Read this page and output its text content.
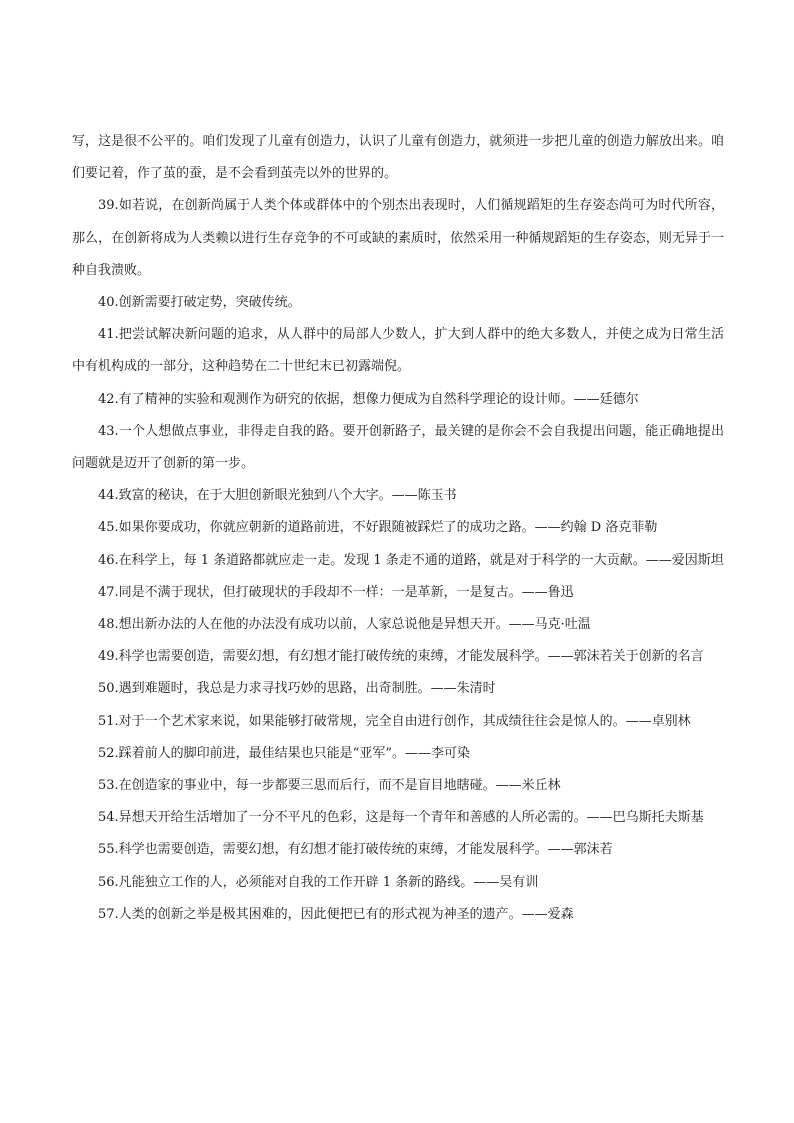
写，这是很不公平的。咱们发现了儿童有创造力，认识了儿童有创造力，就须进一步把儿童的创造力解放出来。咱们要记着，作了茧的蚕，是不会看到茧壳以外的世界的。

39.如若说，在创新尚属于人类个体或群体中的个别杰出表现时，人们循规蹈矩的生存姿态尚可为时代所容，那么，在创新将成为人类赖以进行生存竞争的不可或缺的素质时，依然采用一种循规蹈矩的生存姿态，则无异于一种自我溃败。

40.创新需要打破定势，突破传统。

41.把尝试解决新问题的追求，从人群中的局部人少数人，扩大到人群中的绝大多数人，并使之成为日常生活中有机构成的一部分，这种趋势在二十世纪末已初露端倪。

42.有了精神的实验和观测作为研究的依据，想像力便成为自然科学理论的设计师。——廷德尔

43.一个人想做点事业，非得走自我的路。要开创新路子，最关键的是你会不会自我提出问题，能正确地提出问题就是迈开了创新的第一步。

44.致富的秘诀，在于大胆创新眼光独到八个大字。——陈玉书

45.如果你要成功，你就应朝新的道路前进，不好跟随被踩烂了的成功之路。——约翰 D 洛克菲勒

46.在科学上，每 1 条道路都就应走一走。发现 1 条走不通的道路，就是对于科学的一大贡献。——爱因斯坦

47.同是不满于现状，但打破现状的手段却不一样：一是革新，一是复古。——鲁迅

48.想出新办法的人在他的办法没有成功以前，人家总说他是异想天开。——马克·吐温

49.科学也需要创造，需要幻想，有幻想才能打破传统的束缚，才能发展科学。——郭沫若关于创新的名言

50.遇到难题时，我总是力求寻找巧妙的思路，出奇制胜。——朱清时

51.对于一个艺术家来说，如果能够打破常规，完全自由进行创作，其成绩往往会是惊人的。——卓别林

52.踩着前人的脚印前进，最佳结果也只能是“亚军”。——李可染

53.在创造家的事业中，每一步都要三思而后行，而不是盲目地瞎碰。——米丘林

54.异想天开给生活增加了一分不平凡的色彩，这是每一个青年和善感的人所必需的。——巴乌斯托夫斯基

55.科学也需要创造，需要幻想，有幻想才能打破传统的束缚，才能发展科学。——郭沫若

56.凡能独立工作的人，必须能对自我的工作开辟 1 条新的路线。——吴有训

57.人类的创新之举是极其困难的，因此便把已有的形式视为神圣的遗产。——爱森
